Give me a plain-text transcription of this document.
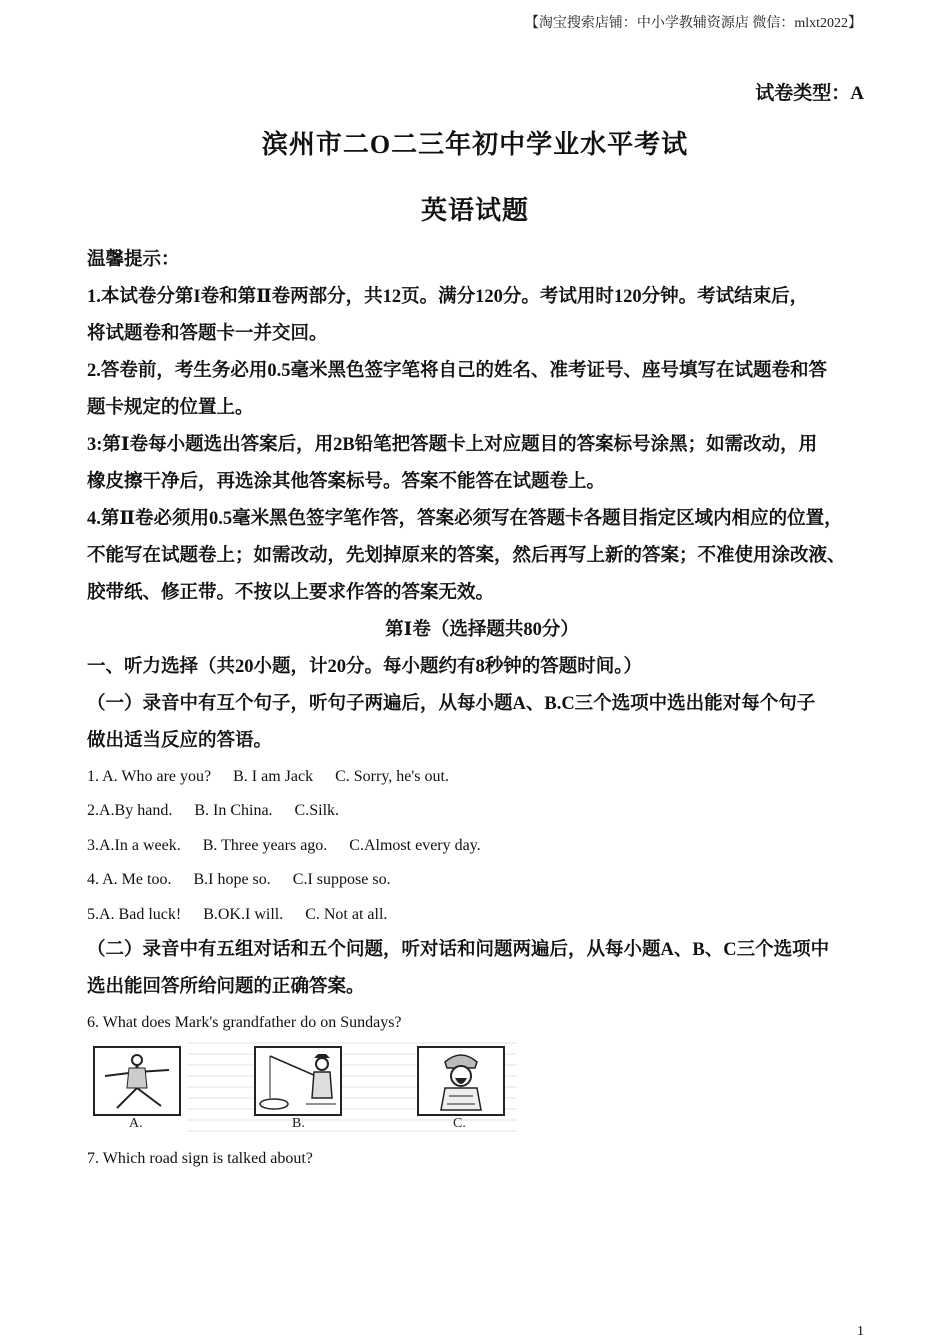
【淘宝搜索店铺：中小学教辅资源店 微信：mlxt2022】
试卷类型：A
滨州市二O二三年初中学业水平考试
英语试题

温馨提示：

1.本试卷分第I卷和第Ⅱ卷两部分，共12页。满分120分。考试用时120分钟。考试结束后，

将试题卷和答题卡一并交回。

2.答卷前，考生务必用0.5毫米黑色签字笔将自己的姓名、准考证号、座号填写在试题卷和答

题卡规定的位置上。

3:第Ⅰ卷每小题选出答案后，用2B铅笔把答题卡上对应题目的答案标号涂黑；如需改动，用

橡皮擦干净后，再选涂其他答案标号。答案不能答在试题卷上。

4.第Ⅱ卷必须用0.5毫米黑色签字笔作答，答案必须写在答题卡各题目指定区域内相应的位置，

不能写在试题卷上；如需改动，先划掉原来的答案，然后再写上新的答案；不准使用涂改液、

胶带纸、修正带。不按以上要求作答的答案无效。

第Ⅰ卷（选择题共80分）

一、听力选择（共20小题，计20分。每小题约有8秒钟的答题时间。）

（一）录音中有互个句子，听句子两遍后，从每小题A、B.C三个选项中选出能对每个句子

做出适当反应的答语。

1. A. Who are you? B. I am Jack C. Sorry, he's out.

2.A.By hand. B. In China. C.Silk.

3.A.In a week. B. Three years ago. C.Almost every day.

4. A. Me too. B.I hope so. C.I suppose so.

5.A. Bad luck! B.OK.I will. C. Not at all.

（二）录音中有五组对话和五个问题，听对话和问题两遍后，从每小题A、B、C三个选项中

选出能回答所给问题的正确答案。

6. What does Mark's grandfather do on Sundays?

A.	B.	C.

7. Which road sign is talked about?

1
